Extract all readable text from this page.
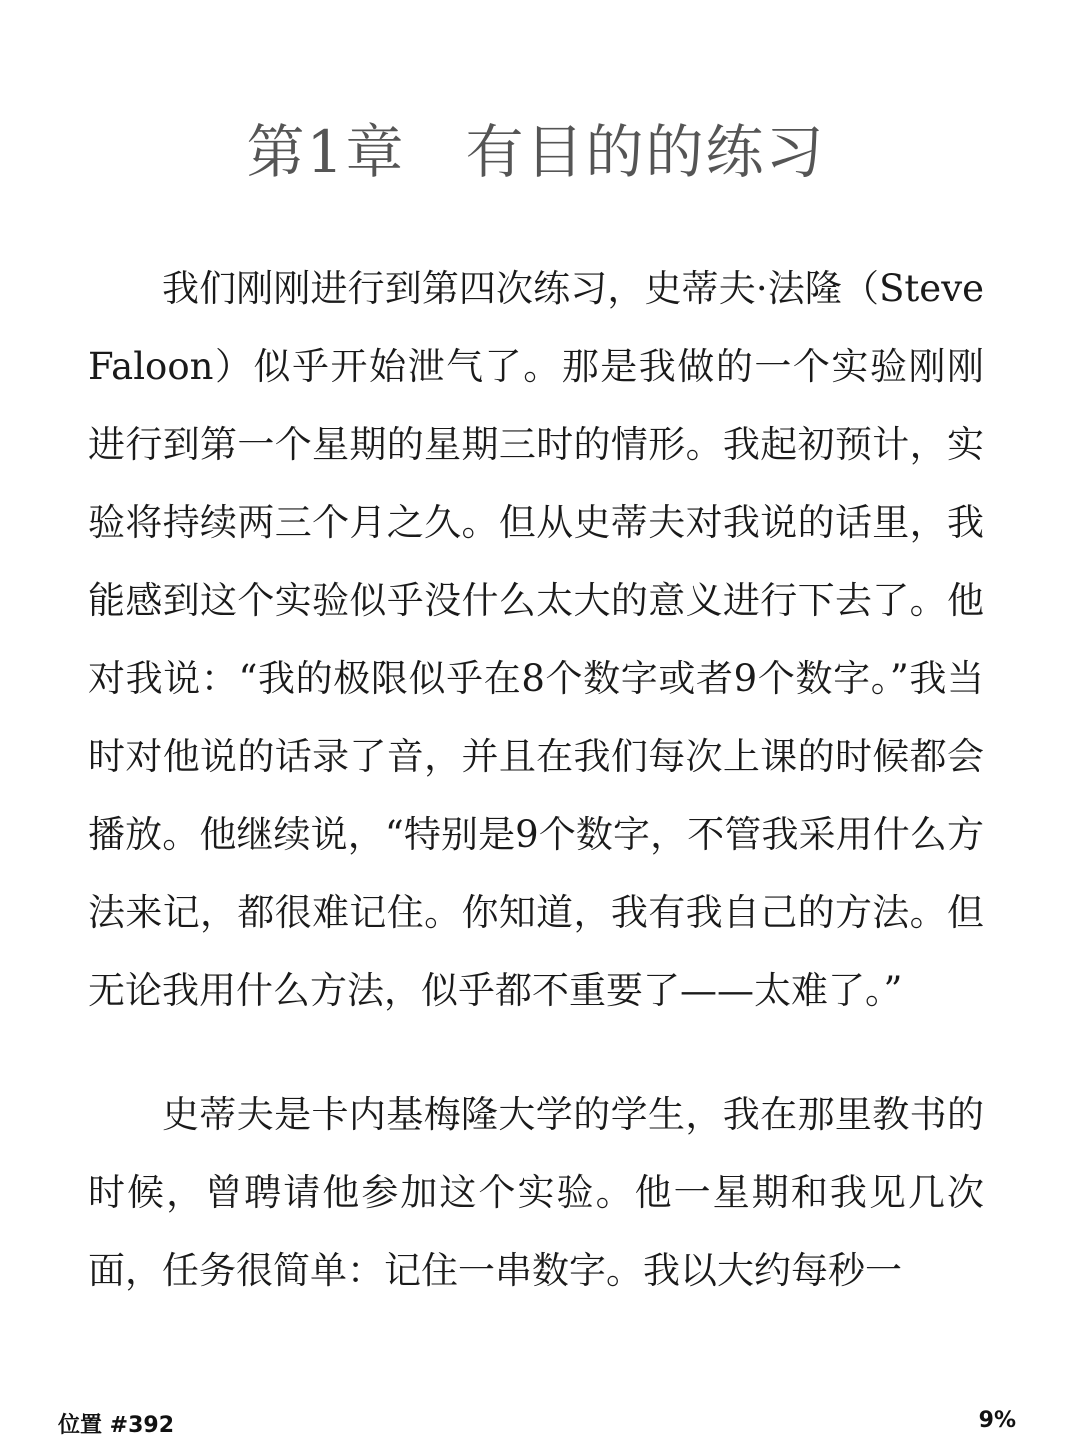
第1章　有目的的练习

我们刚刚进行到第四次练习，史蒂夫·法隆（Steve Faloon）似乎开始泄气了。那是我做的一个实验刚刚进行到第一个星期的星期三时的情形。我起初预计，实验将持续两三个月之久。但从史蒂夫对我说的话里，我能感到这个实验似乎没什么太大的意义进行下去了。他对我说：“我的极限似乎在8个数字或者9个数字。”我当时对他说的话录了音，并且在我们每次上课的时候都会播放。他继续说，“特别是9个数字，不管我采用什么方法来记，都很难记住。你知道，我有我自己的方法。但无论我用什么方法，似乎都不重要了——太难了。”

史蒂夫是卡内基梅隆大学的学生，我在那里教书的时候，曾聘请他参加这个实验。他一星期和我见几次面，任务很简单：记住一串数字。我以大约每秒一

位置 #392	9%
